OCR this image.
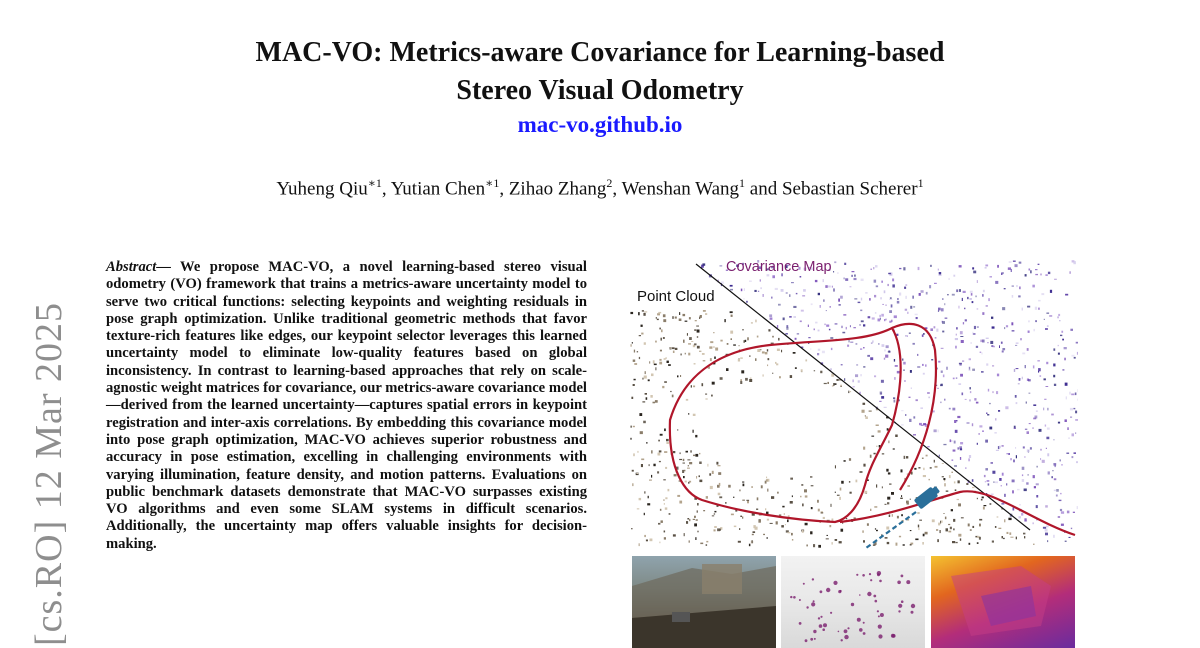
[cs.RO] 12 Mar 2025
MAC-VO: Metrics-aware Covariance for Learning-based
Stereo Visual Odometry
mac-vo.github.io
Yuheng Qiu$^{∗1}$, Yutian Chen$^{∗1}$, Zihao Zhang$^2$, Wenshan Wang$^1$ and Sebastian Scherer$^1$

Abstract— We propose MAC-VO, a novel learning-based stereo visual odometry (VO) framework that trains a metrics-aware uncertainty model to serve two critical functions: selecting keypoints and weighting residuals in pose graph optimization. Unlike traditional geometric methods that favor texture-rich features like edges, our keypoint selector leverages this learned uncertainty model to eliminate low-quality features based on global inconsistency. In contrast to learning-based approaches that rely on scale-agnostic weight matrices for covariance, our metrics-aware covariance model—derived from the learned uncertainty—captures spatial errors in keypoint registration and inter-axis correlations. By embedding this covariance model into pose graph optimization, MAC-VO achieves superior robustness and accuracy in pose estimation, excelling in challenging environments with varying illumination, feature density, and motion patterns. Evaluations on public benchmark datasets demonstrate that MAC-VO surpasses existing VO algorithms and even some SLAM systems in difficult scenarios. Additionally, the uncertainty map offers valuable insights for decision-making.

Point Cloud
Covariance Map
